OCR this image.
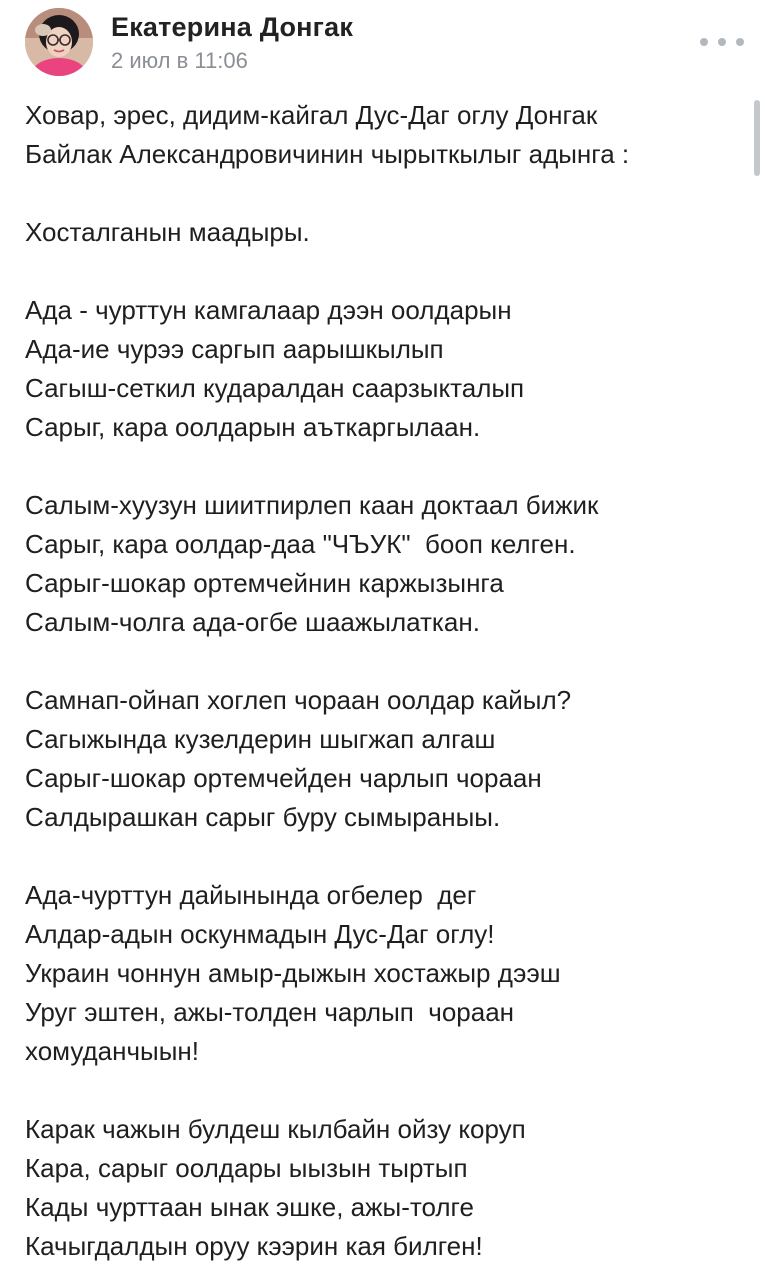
Екатерина Донгак
2 июл в 11:06
Ховар, эрес, дидим-кайгал Дус-Даг оглу Донгак
Байлак Александровичинин чырыткылыг адынга :
Хосталганын маадыры.
Ада - чурттун камгалаар дээн оолдарын
Ада-ие чурээ саргып аарышкылып
Сагыш-сеткил кударалдан саарзыкталып
Сарыг, кара оолдарын аъткаргылаан.
Салым-хуузун шиитпирлеп каан доктаал бижик
Сарыг, кара оолдар-даа "ЧЪУК"  бооп келген.
Сарыг-шокар ортемчейнин каржызынга
Салым-чолга ада-огбе шаажылаткан.
Самнап-ойнап хоглеп чораан оолдар кайыл?
Сагыжында кузелдерин шыгжап алгаш
Сарыг-шокар ортемчейден чарлып чораан
Салдырашкан сарыг буру сымыраныы.
Ада-чурттун дайынында огбелер  дег
Алдар-адын оскунмадын Дус-Даг оглу!
Украин чоннун амыр-дыжын хостажыр дээш
Уруг эштен, ажы-толден чарлып  чораан
хомуданчыын!
Карак чажын булдеш кылбайн ойзу коруп
Кара, сарыг оолдары ыызын тыртып
Кады чурттаан ынак эшке, ажы-толге
Качыгдалдын оруу кээрин кая билген!
